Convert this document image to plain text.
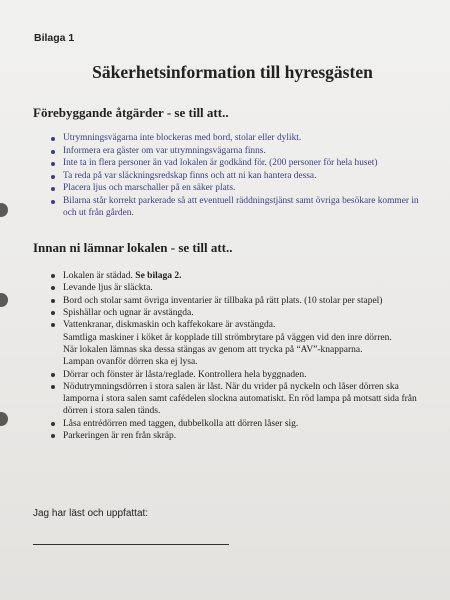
Bilaga 1
Säkerhetsinformation till hyresgästen
Förebyggande åtgärder - se till att..
Utrymningsvägarna inte blockeras med bord, stolar eller dylikt.
Informera era gäster om var utrymningsvägarna finns.
Inte ta in flera personer än vad lokalen är godkänd för. (200 personer för hela huset)
Ta reda på var släckningsredskap finns och att ni kan hantera dessa.
Placera ljus och marschaller på en säker plats.
Bilarna står korrekt parkerade så att eventuell räddningstjänst samt övriga besökare kommer in och ut från gården.
Innan ni lämnar lokalen - se till att..
Lokalen är städad. Se bilaga 2.
Levande ljus är släckta.
Bord och stolar samt övriga inventarier är tillbaka på rätt plats. (10 stolar per stapel)
Spishällar och ugnar är avstängda.
Vattenkranar, diskmaskin och kaffekokare är avstängda.
Samtliga maskiner i köket är kopplade till strömbrytare på väggen vid den inre dörren.
När lokalen lämnas ska dessa stängas av genom att trycka på “AV”-knapparna.
Lampan ovanför dörren ska ej lysa.
Dörrar och fönster är låsta/reglade. Kontrollera hela byggnaden.
Nödutrymningsdörren i stora salen är låst. När du vrider på nyckeln och låser dörren ska lamporna i stora salen samt cafédelen slockna automatiskt. En röd lampa på motsatt sida från dörren i stora salen tänds.
Låsa entrédörren med taggen, dubbelkolla att dörren låser sig.
Parkeringen är ren från skräp.
Jag har läst och uppfattat:
